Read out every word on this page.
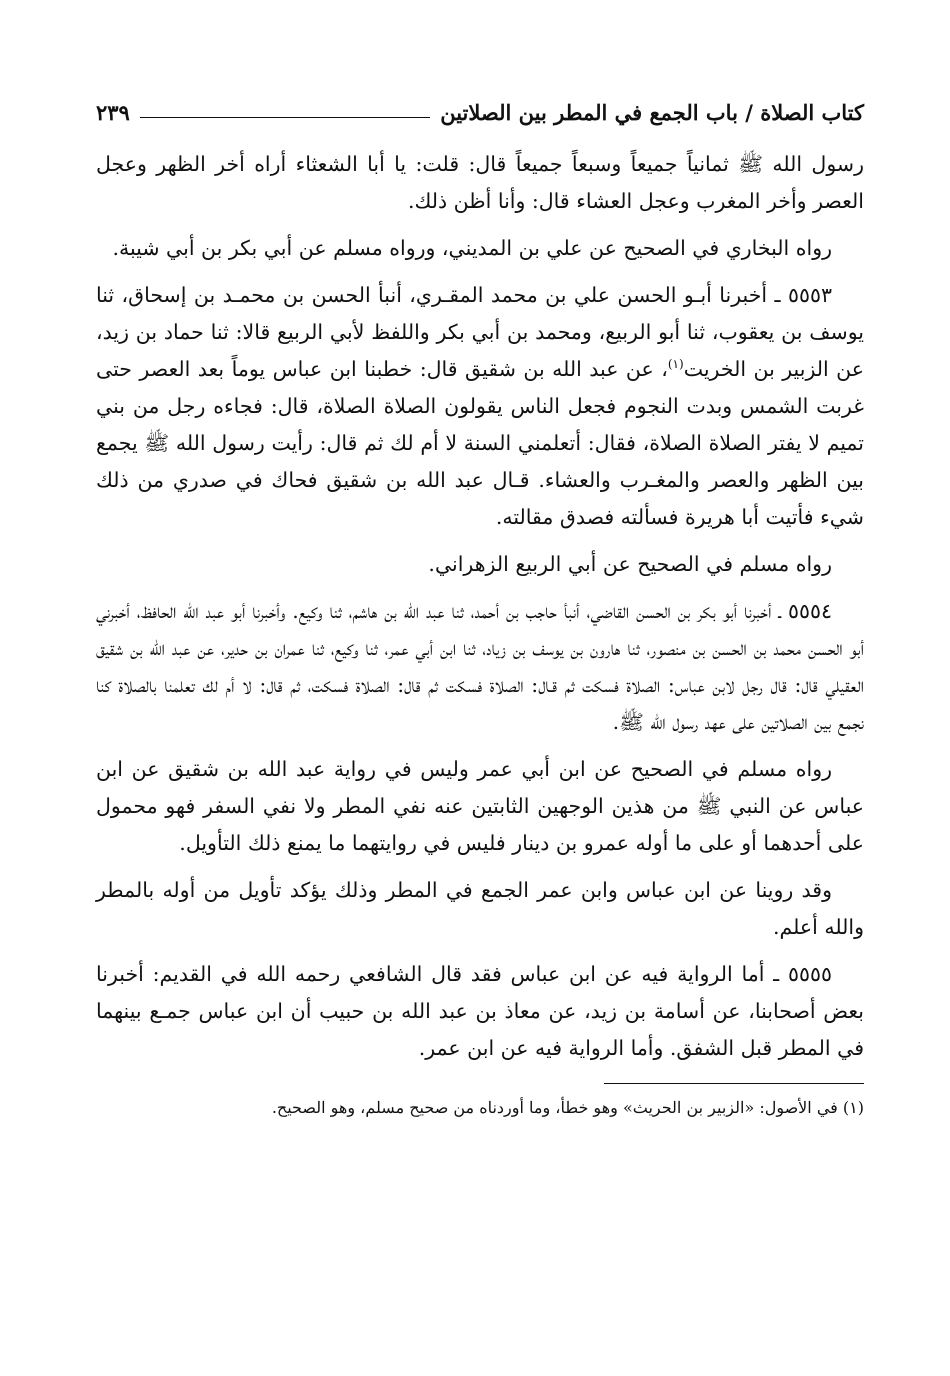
كتاب الصلاة / باب الجمع في المطر بين الصلاتين
٢٣٩

رسول الله ﷺ ثمانياً جميعاً وسبعاً جميعاً قال: قلت: يا أبا الشعثاء أراه أخر الظهر وعجل العصر وأخر المغرب وعجل العشاء قال: وأنا أظن ذلك.

رواه البخاري في الصحيح عن علي بن المديني، ورواه مسلم عن أبي بكر بن أبي شيبة.

٥٥٥٣ ـ أخبرنا أبـو الحسن علي بن محمد المقـري، أنبأ الحسن بن محمـد بن إسحاق، ثنا يوسف بن يعقوب، ثنا أبو الربيع، ومحمد بن أبي بكر واللفظ لأبي الربيع قالا: ثنا حماد بن زيد، عن الزبير بن الخريت$^{(١)}$، عن عبد الله بن شقيق قال: خطبنا ابن عباس يوماً بعد العصر حتى غربت الشمس وبدت النجوم فجعل الناس يقولون الصلاة الصلاة، قال: فجاءه رجل من بني تميم لا يفتر الصلاة الصلاة، فقال: أتعلمني السنة لا أم لك ثم قال: رأيت رسول الله ﷺ يجمع بين الظهر والعصر والمغـرب والعشاء. قـال عبد الله بن شقيق فحاك في صدري من ذلك شيء فأتيت أبا هريرة فسألته فصدق مقالته.

رواه مسلم في الصحيح عن أبي الربيع الزهراني.

٥٥٥٤ ـ أخبرنا أبو بكر بن الحسن القاضي، أنبأ حاجب بن أحمد، ثنا عبد الله بن هاشم، ثنا وكيع. وأخبرنا أبو عبد الله الحافظ، أخبرني أبو الحسن محمد بن الحسن بن منصور، ثنا هارون بن يوسف بن زياد، ثنا ابن أبي عمر، ثنا وكيع، ثنا عمران بن حدير، عن عبد الله بن شقيق العقيلي قال: قال رجل لابن عباس: الصلاة فسكت ثم قـال: الصلاة فسكت ثم قال: الصلاة فسكت، ثم قال: لا أم لك تعلمنا بالصلاة كنا نجمع بين الصلاتين على عهد رسول الله ﷺ.

رواه مسلم في الصحيح عن ابن أبي عمر وليس في رواية عبد الله بن شقيق عن ابن عباس عن النبي ﷺ من هذين الوجهين الثابتين عنه نفي المطر ولا نفي السفر فهو محمول على أحدهما أو على ما أوله عمرو بن دينار فليس في روايتهما ما يمنع ذلك التأويل.

وقد روينا عن ابن عباس وابن عمر الجمع في المطر وذلك يؤكد تأويل من أوله بالمطر والله أعلم.

٥٥٥٥ ـ أما الرواية فيه عن ابن عباس فقد قال الشافعي رحمه الله في القديم: أخبرنا بعض أصحابنا، عن أسامة بن زيد، عن معاذ بن عبد الله بن حبيب أن ابن عباس جمـع بينهما في المطر قبل الشفق. وأما الرواية فيه عن ابن عمر.

(١) في الأصول: «الزبير بن الحريث» وهو خطأ، وما أوردناه من صحيح مسلم، وهو الصحيح.
